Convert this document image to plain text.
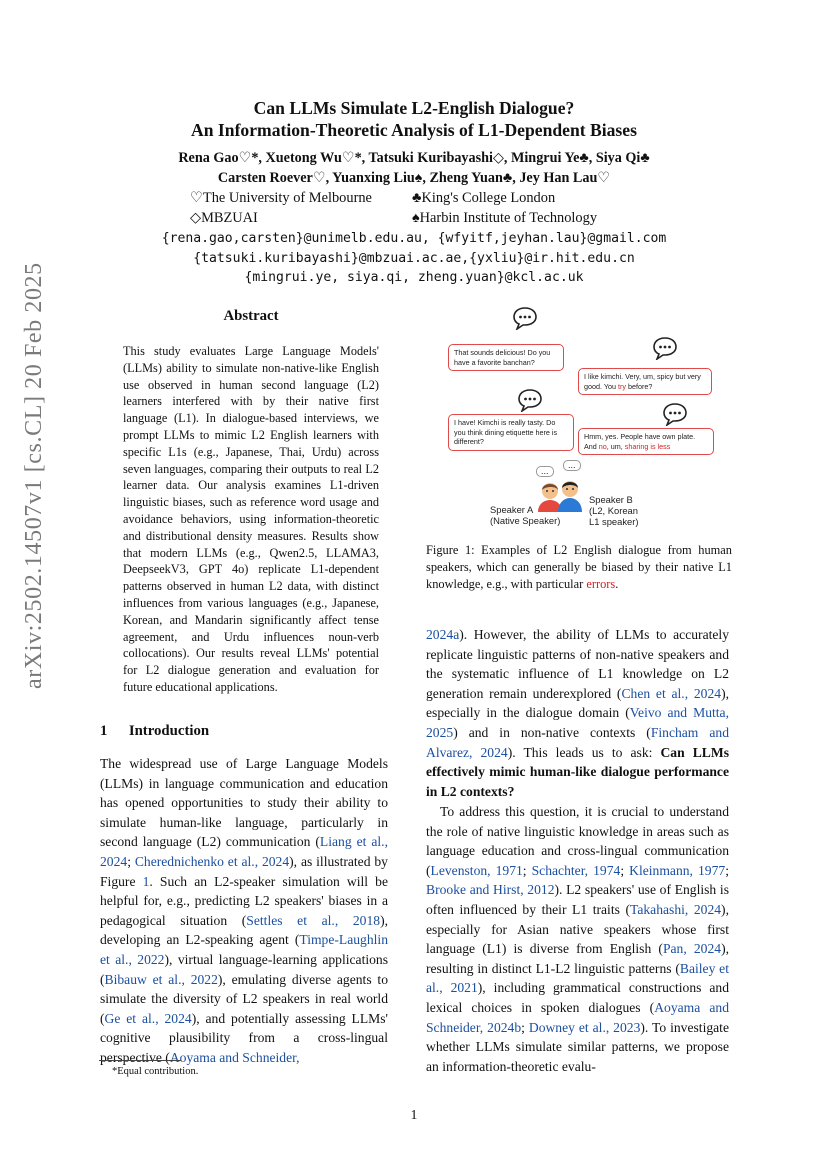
arXiv:2502.14507v1 [cs.CL] 20 Feb 2025
Can LLMs Simulate L2-English Dialogue?
An Information-Theoretic Analysis of L1-Dependent Biases
Rena Gao♡*, Xuetong Wu♡*, Tatsuki Kuribayashi◇, Mingrui Ye♣, Siya Qi♣
Carsten Roever♡, Yuanxing Liu♠, Zheng Yuan♣, Jey Han Lau♡
♡The University of Melbourne	♣King's College London
◇MBZUAI	♠Harbin Institute of Technology
{rena.gao,carsten}@unimelb.edu.au, {wfyitf,jeyhan.lau}@gmail.com
{tatsuki.kuribayashi}@mbzuai.ac.ae,{yxliu}@ir.hit.edu.cn
{mingrui.ye, siya.qi, zheng.yuan}@kcl.ac.uk
Abstract
This study evaluates Large Language Models' (LLMs) ability to simulate non-native-like English use observed in human second language (L2) learners interfered with by their native first language (L1). In dialogue-based interviews, we prompt LLMs to mimic L2 English learners with specific L1s (e.g., Japanese, Thai, Urdu) across seven languages, comparing their outputs to real L2 learner data. Our analysis examines L1-driven linguistic biases, such as reference word usage and avoidance behaviors, using information-theoretic and distributional density measures. Results show that modern LLMs (e.g., Qwen2.5, LLAMA3, DeepseekV3, GPT 4o) replicate L1-dependent patterns observed in human L2 data, with distinct influences from various languages (e.g., Japanese, Korean, and Mandarin significantly affect tense agreement, and Urdu influences noun-verb collocations). Our results reveal LLMs' potential for L2 dialogue generation and evaluation for future educational applications.
1 Introduction
The widespread use of Large Language Models (LLMs) in language communication and education has opened opportunities to study their ability to simulate human-like language, particularly in second language (L2) communication (Liang et al., 2024; Cherednichenko et al., 2024), as illustrated by Figure 1. Such an L2-speaker simulation will be helpful for, e.g., predicting L2 speakers' biases in a pedagogical situation (Settles et al., 2018), developing an L2-speaking agent (Timpe-Laughlin et al., 2022), virtual language-learning applications (Bibauw et al., 2022), emulating diverse agents to simulate the diversity of L2 speakers in real world (Ge et al., 2024), and potentially assessing LLMs' cognitive plausibility from a cross-lingual perspective (Aoyama and Schneider,
*Equal contribution.
1
That sounds delicious! Do you have a favorite banchan?
I like kimchi. Very, um, spicy but very good. You try before?
I have! Kimchi is really tasty. Do you think dining etiquette here is different?
Hmm, yes. People have own plate. And no, um, sharing is less
...
...
Speaker A
(Native Speaker)
Speaker B
(L2, Korean
L1 speaker)
Figure 1: Examples of L2 English dialogue from human speakers, which can generally be biased by their native L1 knowledge, e.g., with particular errors.
2024a). However, the ability of LLMs to accurately replicate linguistic patterns of non-native speakers and the systematic influence of L1 knowledge on L2 generation remain underexplored (Chen et al., 2024), especially in the dialogue domain (Veivo and Mutta, 2025) and in non-native contexts (Fincham and Alvarez, 2024). This leads us to ask: Can LLMs effectively mimic human-like dialogue performance in L2 contexts?
To address this question, it is crucial to understand the role of native linguistic knowledge in areas such as language education and cross-lingual communication (Levenston, 1971; Schachter, 1974; Kleinmann, 1977; Brooke and Hirst, 2012). L2 speakers' use of English is often influenced by their L1 traits (Takahashi, 2024), especially for Asian native speakers whose first language (L1) is diverse from English (Pan, 2024), resulting in distinct L1-L2 linguistic patterns (Bailey et al., 2021), including grammatical constructions and lexical choices in spoken dialogues (Aoyama and Schneider, 2024b; Downey et al., 2023). To investigate whether LLMs simulate similar patterns, we propose an information-theoretic evalu-
